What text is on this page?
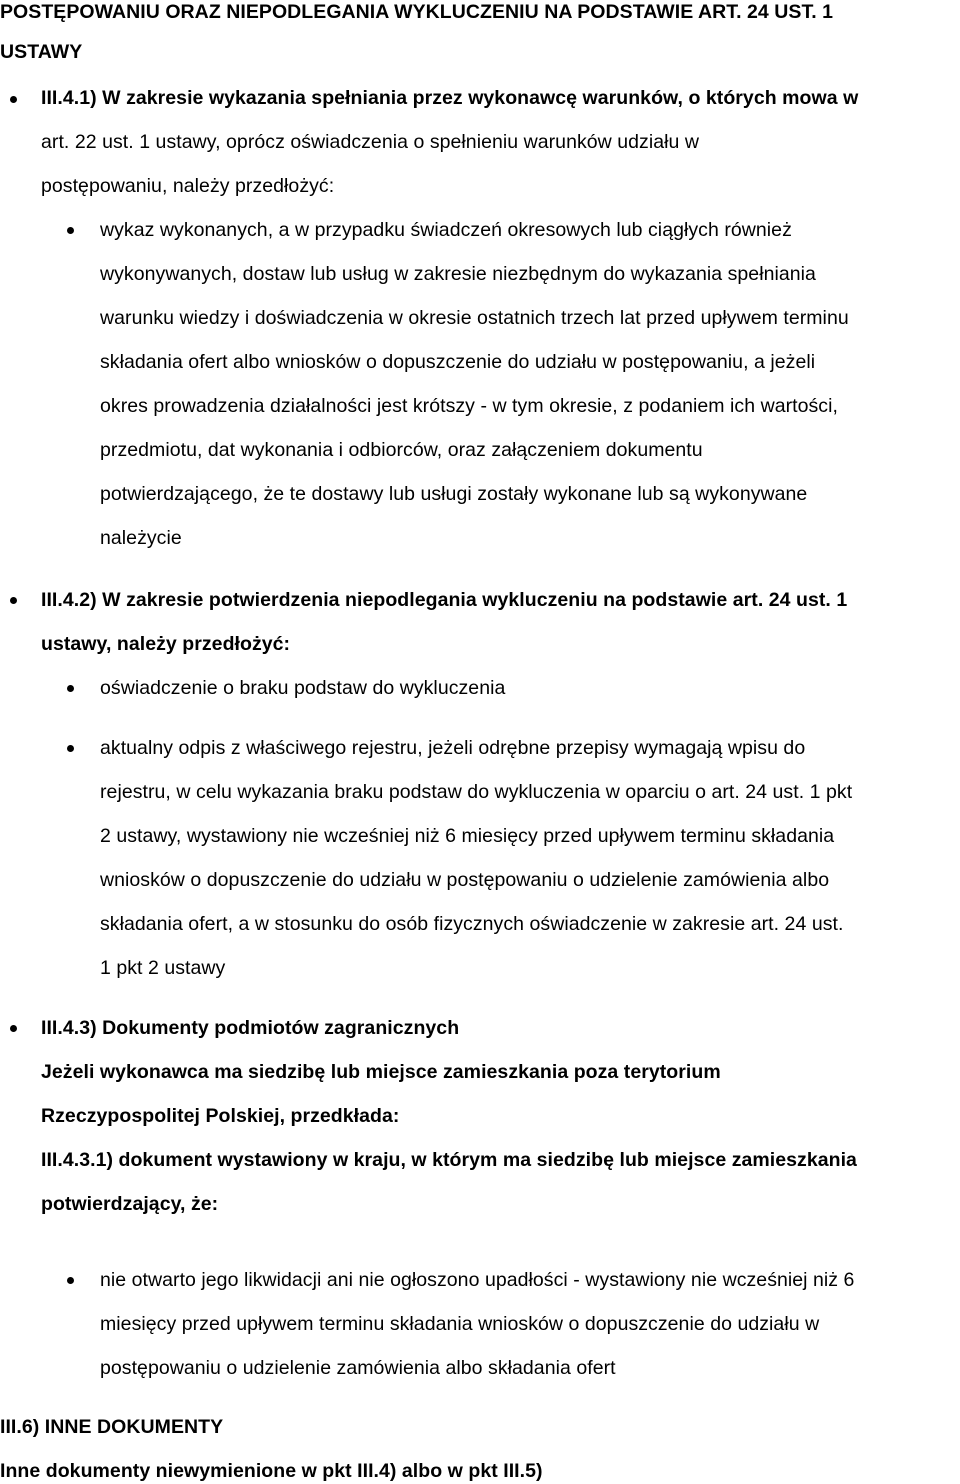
POSTĘPOWANIU ORAZ NIEPODLEGANIA WYKLUCZENIU NA PODSTAWIE ART. 24 UST. 1
USTAWY
III.4.1) W zakresie wykazania spełniania przez wykonawcę warunków, o których mowa w
art. 22 ust. 1 ustawy, oprócz oświadczenia o spełnieniu warunków udziału w
postępowaniu, należy przedłożyć:
wykaz wykonanych, a w przypadku świadczeń okresowych lub ciągłych również
wykonywanych, dostaw lub usług w zakresie niezbędnym do wykazania spełniania
warunku wiedzy i doświadczenia w okresie ostatnich trzech lat przed upływem terminu
składania ofert albo wniosków o dopuszczenie do udziału w postępowaniu, a jeżeli
okres prowadzenia działalności jest krótszy - w tym okresie, z podaniem ich wartości,
przedmiotu, dat wykonania i odbiorców, oraz załączeniem dokumentu
potwierdzającego, że te dostawy lub usługi zostały wykonane lub są wykonywane
należycie
III.4.2) W zakresie potwierdzenia niepodlegania wykluczeniu na podstawie art. 24 ust. 1
ustawy, należy przedłożyć:
oświadczenie o braku podstaw do wykluczenia
aktualny odpis z właściwego rejestru, jeżeli odrębne przepisy wymagają wpisu do
rejestru, w celu wykazania braku podstaw do wykluczenia w oparciu o art. 24 ust. 1 pkt
2 ustawy, wystawiony nie wcześniej niż 6 miesięcy przed upływem terminu składania
wniosków o dopuszczenie do udziału w postępowaniu o udzielenie zamówienia albo
składania ofert, a w stosunku do osób fizycznych oświadczenie w zakresie art. 24 ust.
1 pkt 2 ustawy
III.4.3) Dokumenty podmiotów zagranicznych
Jeżeli wykonawca ma siedzibę lub miejsce zamieszkania poza terytorium
Rzeczypospolitej Polskiej, przedkłada:
III.4.3.1) dokument wystawiony w kraju, w którym ma siedzibę lub miejsce zamieszkania
potwierdzający, że:
nie otwarto jego likwidacji ani nie ogłoszono upadłości - wystawiony nie wcześniej niż 6
miesięcy przed upływem terminu składania wniosków o dopuszczenie do udziału w
postępowaniu o udzielenie zamówienia albo składania ofert
III.6) INNE DOKUMENTY
Inne dokumenty niewymienione w pkt III.4) albo w pkt III.5)
